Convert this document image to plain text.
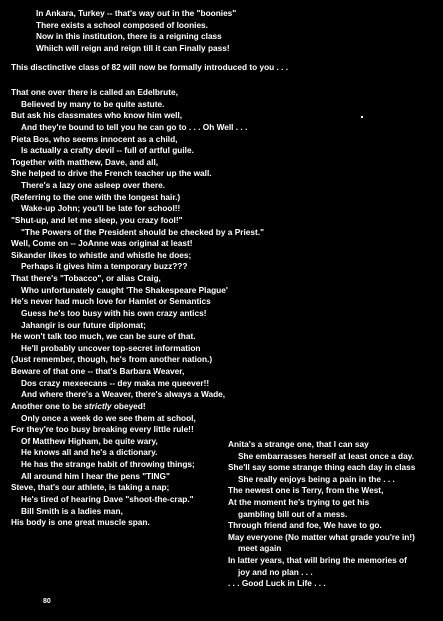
In Ankara, Turkey -- that's way out in the "boonies"
There exists a school composed of loonies.
Now in this institution, there is a reigning class
Whiich will reign and reign till it can Finally pass!
This disctinctive class of 82 will now be formally introduced to you . . .
That one over there is called an Edelbrute,
Believed by many to be quite astute.
But ask his classmates who know him well,
And they're bound to tell you he can go to . . . Oh Well . . .
Pieta Bos, who seems innocent as a child,
Is actually a crafty devil -- full of artful guile.
Together with matthew, Dave, and all,
She helped to drive the French teacher up the wall.
There's a lazy one asleep over there.
(Referring to the one with the longest hair.)
Wake-up John; you'll be late for school!!
"Shut-up, and let me sleep, you crazy fool!"
"The Powers of the President should be checked by a Priest."
Well, Come on -- JoAnne was original at least!
Sikander likes to whistle and whistle he does;
Perhaps it gives him a temporary buzz???
That there's "Tobacco", or alias Craig,
Who unfortunately caught 'The Shakespeare Plague'
He's never had much love for Hamlet or Semantics
Guess he's too busy with his own crazy antics!
Jahangir is our future diplomat;
He won't talk too much, we can be sure of that.
He'll probably uncover top-secret information
(Just remember, though, he's from another nation.)
Beware of that one -- that's Barbara Weaver,
Dos crazy mexeecans -- dey maka me queever!!
And where there's a Weaver, there's always a Wade,
Another one to be strictly obeyed!
Only once a week do we see them at school,
For they're too busy breaking every little rule!!
Of Matthew Higham, be quite wary,
He knows all and he's a dictionary.
He has the strange habit of throwing things;
All around him I hear the pens "TING"
Steve, that's our athlete, is taking a nap;
He's tired of hearing Dave "shoot-the-crap."
Bill Smith is a ladies man,
His body is one great muscle span.
Anita's a strange one, that I can say
She embarrasses herself at least once a day.
She'll say some strange thing each day in class
She really enjoys being a pain in the . . .
The newest one is Terry, from the West,
At the moment he's trying to get his
gambling bill out of a mess.
Through friend and foe, We have to go.
May everyone (No matter what grade you're in!)
meet again
In latter years, that will bring the memories of
joy and no plan . . .
. . . Good Luck in Life . . .
80
